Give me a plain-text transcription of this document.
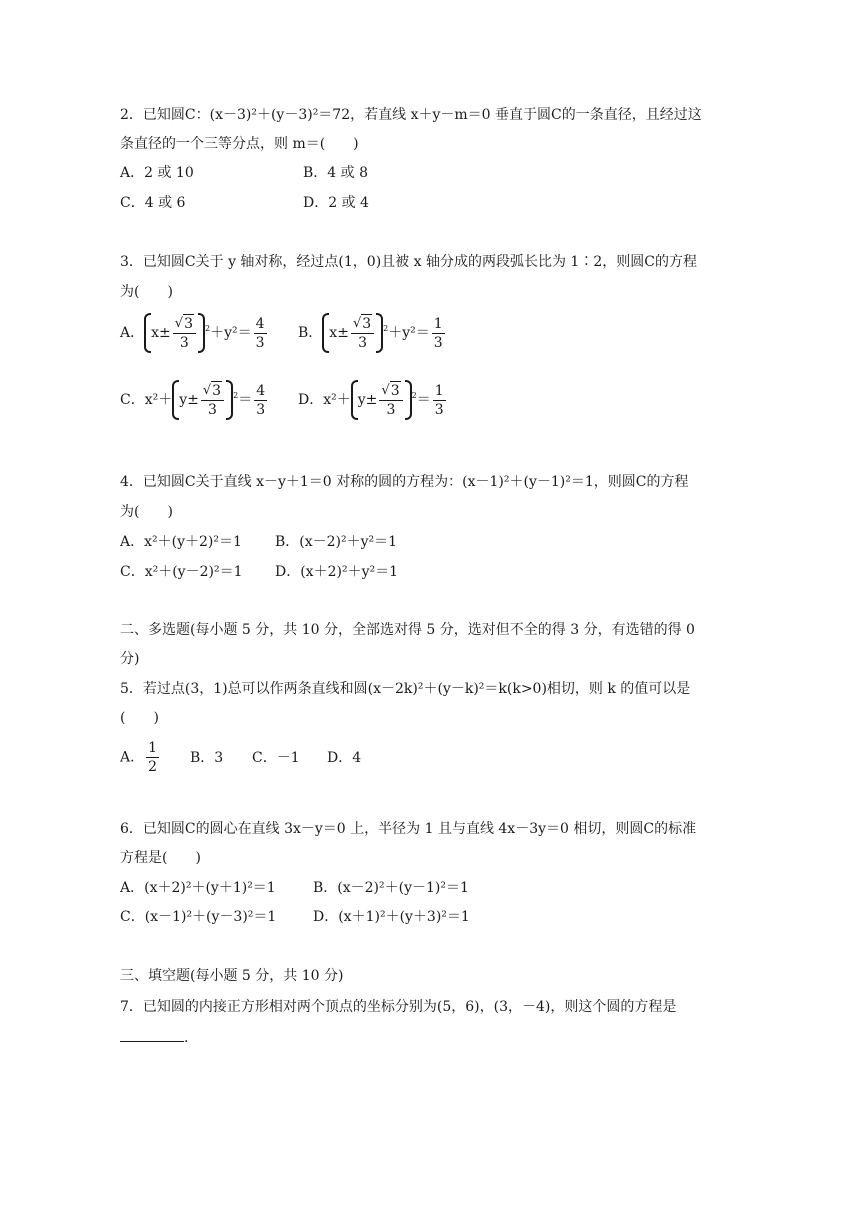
2．已知圆C：(x－3)²＋(y－3)²＝72，若直线 x＋y－m＝0 垂直于圆C的一条直径，且经过这
条直径的一个三等分点，则 m＝(　　)
A．2 或 10	B．4 或 8
C．4 或 6	D．2 或 4
3．已知圆C关于 y 轴对称，经过点(1，0)且被 x 轴分成的两段弧长比为 1∶2，则圆C的方程
为(　　)
A． $x\pm \frac{√ 3}{3} ^2+y^2= \frac{4}{3}$ B． $x\pm \frac{√ 3}{3} ^2+y^2= \frac{1}{3}$
C．$x^2+ y\pm \frac{√ 3}{3} ^2= \frac{4}{3}$ D．$x^2+ y\pm \frac{√ 3}{3} ^2= \frac{1}{3}$
4．已知圆C关于直线 x－y＋1＝0 对称的圆的方程为：(x－1)²＋(y－1)²＝1，则圆C的方程
为(　　)
A．x²＋(y＋2)²＝1 B．(x－2)²＋y²＝1
C．x²＋(y－2)²＝1 D．(x＋2)²＋y²＝1
二、多选题(每小题 5 分，共 10 分，全部选对得 5 分，选对但不全的得 3 分，有选错的得 0
分)
5．若过点(3，1)总可以作两条直线和圆(x－2k)²＋(y－k)²＝k(k>0)相切，则 k 的值可以是
(　　)
A． $\frac{1}{2}$ B．3 C．－1 D．4
6．已知圆C的圆心在直线 3x－y＝0 上，半径为 1 且与直线 4x－3y＝0 相切，则圆C的标准
方程是(　　)
A．(x＋2)²＋(y＋1)²＝1	B．(x－2)²＋(y－1)²＝1
C．(x－1)²＋(y－3)²＝1	D．(x＋1)²＋(y＋3)²＝1
三、填空题(每小题 5 分，共 10 分)
7．已知圆的内接正方形相对两个顶点的坐标分别为(5，6)，(3，－4)，则这个圆的方程是
.
